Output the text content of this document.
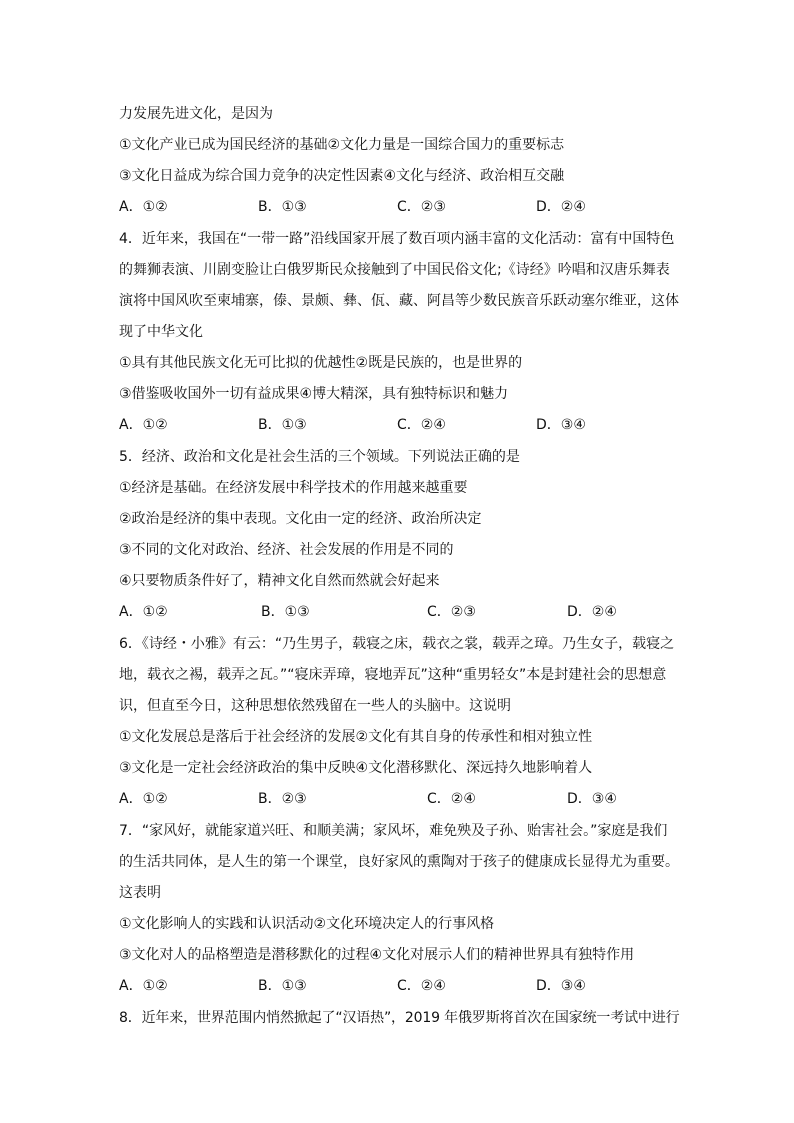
力发展先进文化，是因为
①文化产业已成为国民经济的基础②文化力量是一国综合国力的重要标志
③文化日益成为综合国力竞争的决定性因素④文化与经济、政治相互交融
A．①②	B．①③	C．②③	D．②④
4．近年来，我国在“一带一路”沿线国家开展了数百项内涵丰富的文化活动：富有中国特色
的舞狮表演、川剧变脸让白俄罗斯民众接触到了中国民俗文化;《诗经》吟唱和汉唐乐舞表
演将中国风吹至柬埔寨，傣、景颇、彝、佤、藏、阿昌等少数民族音乐跃动塞尔维亚，这体
现了中华文化
①具有其他民族文化无可比拟的优越性②既是民族的，也是世界的
③借鉴吸收国外一切有益成果④博大精深，具有独特标识和魅力
A．①②	B．①③	C．②④	D．③④
5．经济、政治和文化是社会生活的三个领域。下列说法正确的是
①经济是基础。在经济发展中科学技术的作用越来越重要
②政治是经济的集中表现。文化由一定的经济、政治所决定
③不同的文化对政治、经济、社会发展的作用是不同的
④只要物质条件好了，精神文化自然而然就会好起来
A．①②	B．①③	C．②③	D．②④
6．《诗经・小雅》有云：“乃生男子，载寝之床，载衣之裳，载弄之璋。乃生女子，载寝之
地，载衣之裼，载弄之瓦。”“寝床弄璋，寝地弄瓦”这种“重男轻女”本是封建社会的思想意
识，但直至今日，这种思想依然残留在一些人的头脑中。这说明
①文化发展总是落后于社会经济的发展②文化有其自身的传承性和相对独立性
③文化是一定社会经济政治的集中反映④文化潜移默化、深远持久地影响着人
A．①②	B．②③	C．②④	D．③④
7．“家风好，就能家道兴旺、和顺美满；家风坏，难免殃及子孙、贻害社会。”家庭是我们
的生活共同体，是人生的第一个课堂，良好家风的熏陶对于孩子的健康成长显得尤为重要。
这表明
①文化影响人的实践和认识活动②文化环境决定人的行事风格
③文化对人的品格塑造是潜移默化的过程④文化对展示人们的精神世界具有独特作用
A．①②	B．①③	C．②④	D．③④
8．近年来，世界范围内悄然掀起了“汉语热”，2019 年俄罗斯将首次在国家统一考试中进行
